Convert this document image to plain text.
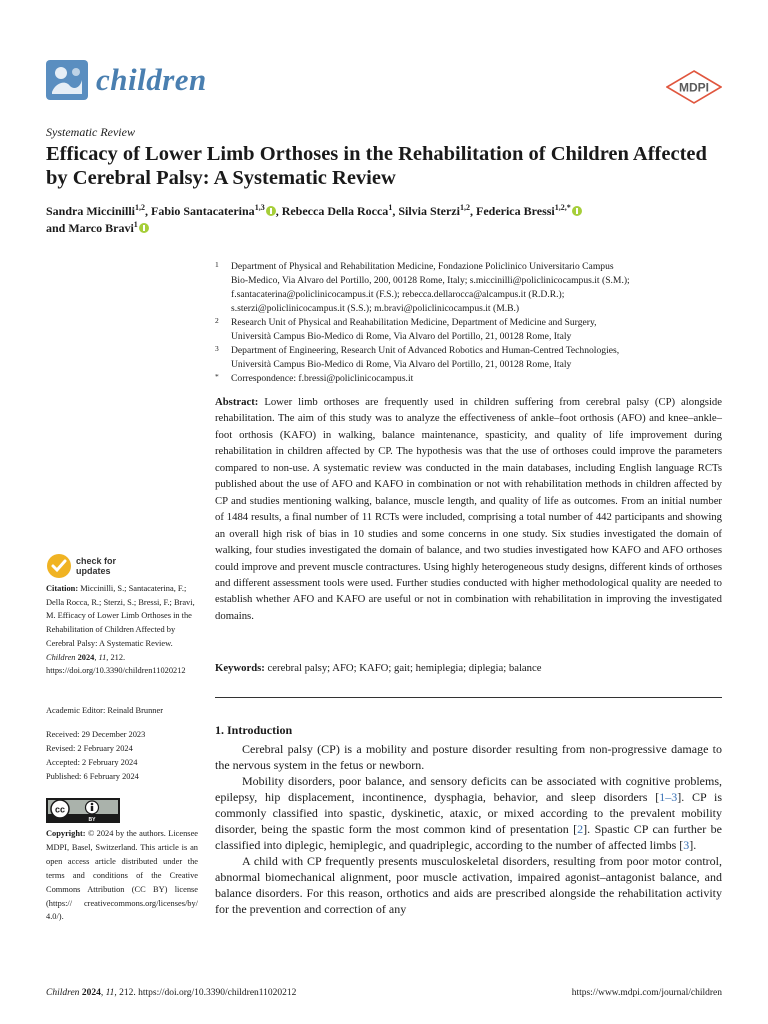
children	MDPI
Systematic Review
Efficacy of Lower Limb Orthoses in the Rehabilitation of Children Affected by Cerebral Palsy: A Systematic Review
Sandra Miccinilli$^{1,2}$, Fabio Santacaterina$^{1,3}$ , Rebecca Della Rocca$^1$, Silvia Sterzi$^{1,2}$, Federica Bressi$^{1,2,*}$
and Marco Bravi$^1$
1 Department of Physical and Rehabilitation Medicine, Fondazione Policlinico Universitario Campus
Bio-Medico, Via Alvaro del Portillo, 200, 00128 Rome, Italy; s.miccinilli@policlinicocampus.it (S.M.);
f.santacaterina@policlinicocampus.it (F.S.); rebecca.dellarocca@alcampus.it (R.D.R.);
s.sterzi@policlinicocampus.it (S.S.); m.bravi@policlinicocampus.it (M.B.)
2 Research Unit of Physical and Reahabilitation Medicine, Department of Medicine and Surgery,
Università Campus Bio-Medico di Rome, Via Alvaro del Portillo, 21, 00128 Rome, Italy
3 Department of Engineering, Research Unit of Advanced Robotics and Human-Centred Technologies,
Università Campus Bio-Medico di Rome, Via Alvaro del Portillo, 21, 00128 Rome, Italy
* Correspondence: f.bressi@policlinicocampus.it

Abstract: Lower limb orthoses are frequently used in children suffering from cerebral palsy (CP) alongside rehabilitation. The aim of this study was to analyze the effectiveness of ankle–foot orthosis (AFO) and knee–ankle–foot orthosis (KAFO) in walking, balance maintenance, spasticity, and quality of life improvement during rehabilitation in children affected by CP. The hypothesis was that the use of orthoses could improve the parameters compared to non-use. A systematic review was conducted in the main databases, including English language RCTs published about the use of AFO and KAFO in combination or not with rehabilitation methods in children affected by CP and studies mentioning walking, balance, muscle length, and quality of life as outcomes. From an initial number of 1484 results, a final number of 11 RCTs were included, comprising a total number of 442 participants and showing an overall high risk of bias in 10 studies and some concerns in one study. Six studies investigated the domain of walking, four studies investigated the domain of balance, and two studies investigated how KAFO and AFO orthoses could improve and prevent muscle contractures. Using highly heterogeneous study designs, different kinds of orthoses and different assessment tools were used. Further studies conducted with higher methodological quality are needed to establish whether AFO and KAFO are useful or not in combination with rehabilitation in improving the investigated domains.

Keywords: cerebral palsy; AFO; KAFO; gait; hemiplegia; diplegia; balance
check for
updates
Citation: Miccinilli, S.; Santacaterina, F.; Della Rocca, R.; Sterzi, S.; Bressi, F.; Bravi, M. Efficacy of Lower Limb Orthoses in the Rehabilitation of Children Affected by Cerebral Palsy: A Systematic Review. Children 2024, 11, 212. https://doi.org/10.3390/children11020212
Academic Editor: Reinald Brunner
Received: 29 December 2023
Revised: 2 February 2024
Accepted: 2 February 2024
Published: 6 February 2024
cc
BY
Copyright: © 2024 by the authors. Licensee MDPI, Basel, Switzerland. This article is an open access article distributed under the terms and conditions of the Creative Commons Attribution (CC BY) license (https:// creativecommons.org/licenses/by/ 4.0/).
1. Introduction

Cerebral palsy (CP) is a mobility and posture disorder resulting from non-progressive damage to the nervous system in the fetus or newborn.

Mobility disorders, poor balance, and sensory deficits can be associated with cognitive problems, epilepsy, hip displacement, incontinence, dysphagia, behavior, and sleep disorders [1–3]. CP is commonly classified into spastic, dyskinetic, ataxic, or mixed according to the prevalent mobility disorder, being the spastic form the most common kind of presentation [2]. Spastic CP can further be classified into diplegic, hemiplegic, and quadriplegic, according to the number of affected limbs [3].

A child with CP frequently presents musculoskeletal disorders, resulting from poor motor control, abnormal biomechanical alignment, poor muscle activation, impaired agonist–antagonist balance, and balance disorders. For this reason, orthotics and aids are prescribed alongside the rehabilitation activity for the prevention and correction of any

Children 2024, 11, 212. https://doi.org/10.3390/children11020212	https://www.mdpi.com/journal/children
